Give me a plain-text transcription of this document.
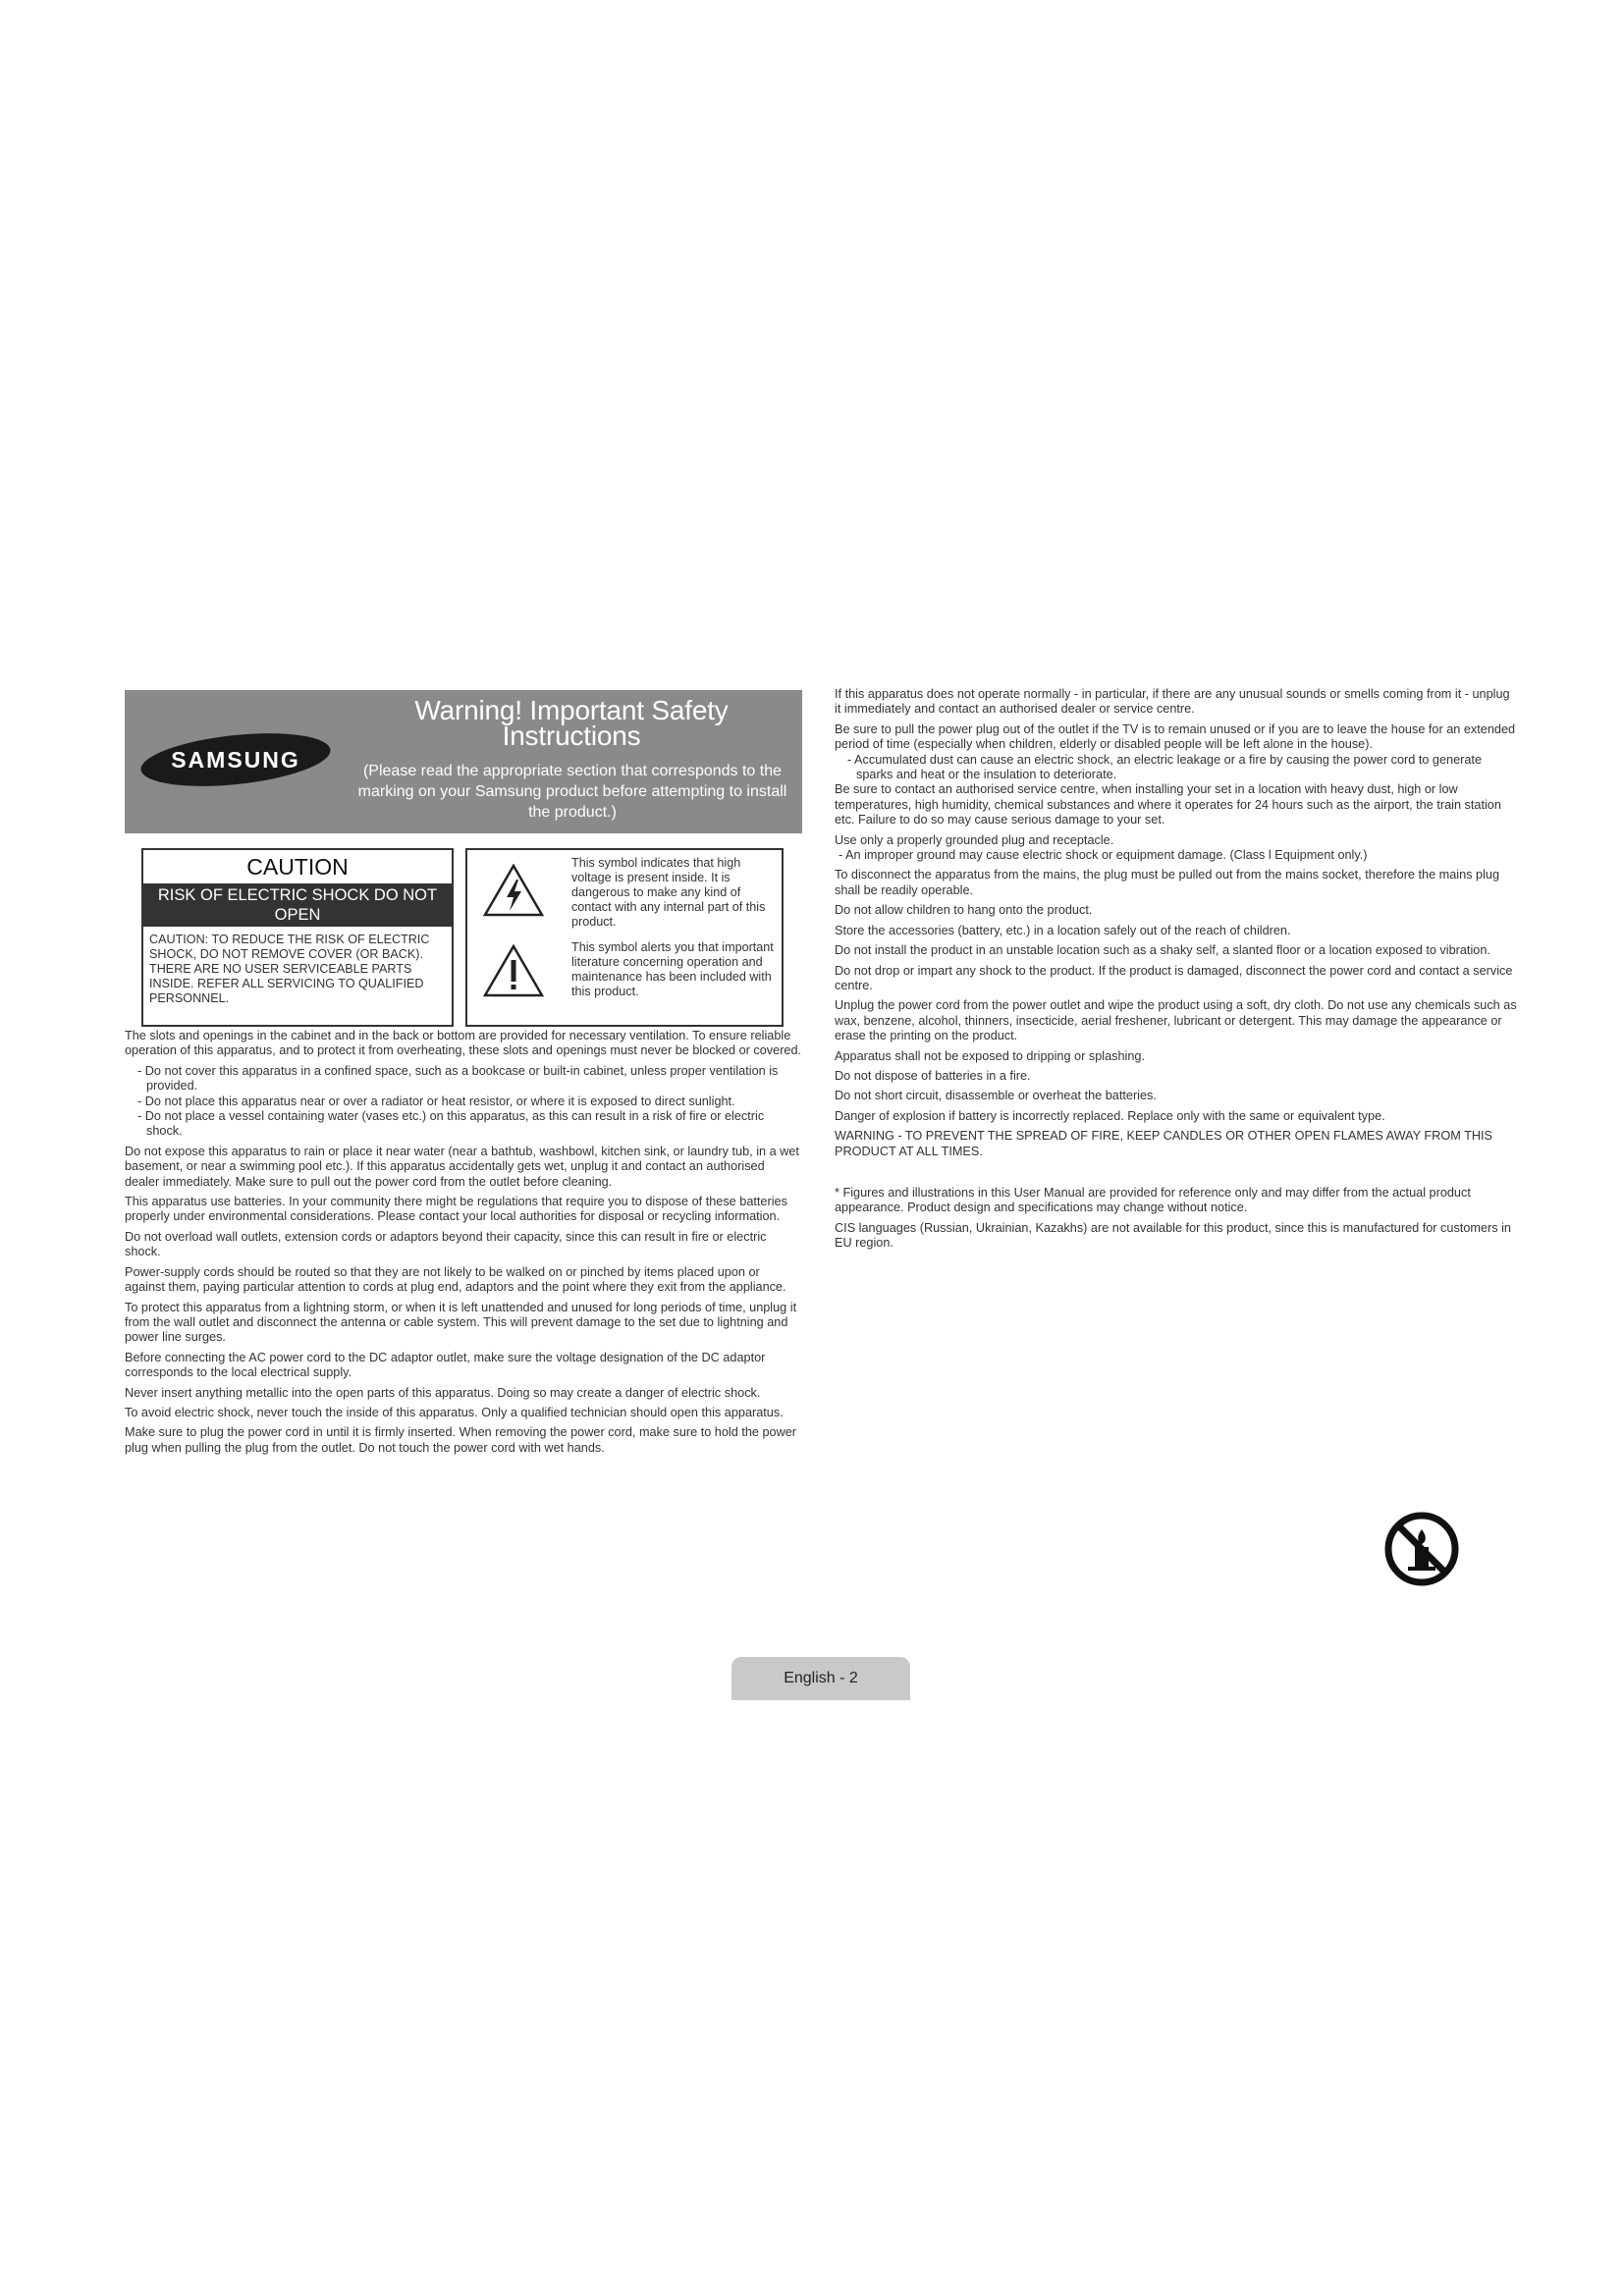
SAMSUNG
Warning! Important Safety Instructions
(Please read the appropriate section that corresponds to the marking on your Samsung product before attempting to install the product.)
CAUTION
RISK OF ELECTRIC SHOCK DO NOT OPEN
CAUTION: TO REDUCE THE RISK OF ELECTRIC SHOCK, DO NOT REMOVE COVER (OR BACK). THERE ARE NO USER SERVICEABLE PARTS INSIDE. REFER ALL SERVICING TO QUALIFIED PERSONNEL.
This symbol indicates that high voltage is present inside. It is dangerous to make any kind of contact with any internal part of this product.
This symbol alerts you that important literature concerning operation and maintenance has been included with this product.

The slots and openings in the cabinet and in the back or bottom are provided for necessary ventilation. To ensure reliable operation of this apparatus, and to protect it from overheating, these slots and openings must never be blocked or covered.

- Do not cover this apparatus in a confined space, such as a bookcase or built-in cabinet, unless proper ventilation is provided.

- Do not place this apparatus near or over a radiator or heat resistor, or where it is exposed to direct sunlight.

- Do not place a vessel containing water (vases etc.) on this apparatus, as this can result in a risk of fire or electric shock.

Do not expose this apparatus to rain or place it near water (near a bathtub, washbowl, kitchen sink, or laundry tub, in a wet basement, or near a swimming pool etc.). If this apparatus accidentally gets wet, unplug it and contact an authorised dealer immediately. Make sure to pull out the power cord from the outlet before cleaning.

This apparatus use batteries. In your community there might be regulations that require you to dispose of these batteries properly under environmental considerations. Please contact your local authorities for disposal or recycling information.

Do not overload wall outlets, extension cords or adaptors beyond their capacity, since this can result in fire or electric shock.

Power-supply cords should be routed so that they are not likely to be walked on or pinched by items placed upon or against them, paying particular attention to cords at plug end, adaptors and the point where they exit from the appliance.

To protect this apparatus from a lightning storm, or when it is left unattended and unused for long periods of time, unplug it from the wall outlet and disconnect the antenna or cable system. This will prevent damage to the set due to lightning and power line surges.

Before connecting the AC power cord to the DC adaptor outlet, make sure the voltage designation of the DC adaptor corresponds to the local electrical supply.

Never insert anything metallic into the open parts of this apparatus. Doing so may create a danger of electric shock.

To avoid electric shock, never touch the inside of this apparatus. Only a qualified technician should open this apparatus.

Make sure to plug the power cord in until it is firmly inserted. When removing the power cord, make sure to hold the power plug when pulling the plug from the outlet. Do not touch the power cord with wet hands.

If this apparatus does not operate normally - in particular, if there are any unusual sounds or smells coming from it - unplug it immediately and contact an authorised dealer or service centre.

Be sure to pull the power plug out of the outlet if the TV is to remain unused or if you are to leave the house for an extended period of time (especially when children, elderly or disabled people will be left alone in the house).

- Accumulated dust can cause an electric shock, an electric leakage or a fire by causing the power cord to generate sparks and heat or the insulation to deteriorate.

Be sure to contact an authorised service centre, when installing your set in a location with heavy dust, high or low temperatures, high humidity, chemical substances and where it operates for 24 hours such as the airport, the train station etc. Failure to do so may cause serious damage to your set.

Use only a properly grounded plug and receptacle.

- An improper ground may cause electric shock or equipment damage. (Class l Equipment only.)

To disconnect the apparatus from the mains, the plug must be pulled out from the mains socket, therefore the mains plug shall be readily operable.

Do not allow children to hang onto the product.

Store the accessories (battery, etc.) in a location safely out of the reach of children.

Do not install the product in an unstable location such as a shaky self, a slanted floor or a location exposed to vibration.

Do not drop or impart any shock to the product. If the product is damaged, disconnect the power cord and contact a service centre.

Unplug the power cord from the power outlet and wipe the product using a soft, dry cloth. Do not use any chemicals such as wax, benzene, alcohol, thinners, insecticide, aerial freshener, lubricant or detergent. This may damage the appearance or erase the printing on the product.

Apparatus shall not be exposed to dripping or splashing.

Do not dispose of batteries in a fire.

Do not short circuit, disassemble or overheat the batteries.

Danger of explosion if battery is incorrectly replaced. Replace only with the same or equivalent type.

WARNING - TO PREVENT THE SPREAD OF FIRE, KEEP CANDLES OR OTHER OPEN FLAMES AWAY FROM THIS PRODUCT AT ALL TIMES.

* Figures and illustrations in this User Manual are provided for reference only and may differ from the actual product appearance. Product design and specifications may change without notice.

CIS languages (Russian, Ukrainian, Kazakhs) are not available for this product, since this is manufactured for customers in EU region.

English - 2
